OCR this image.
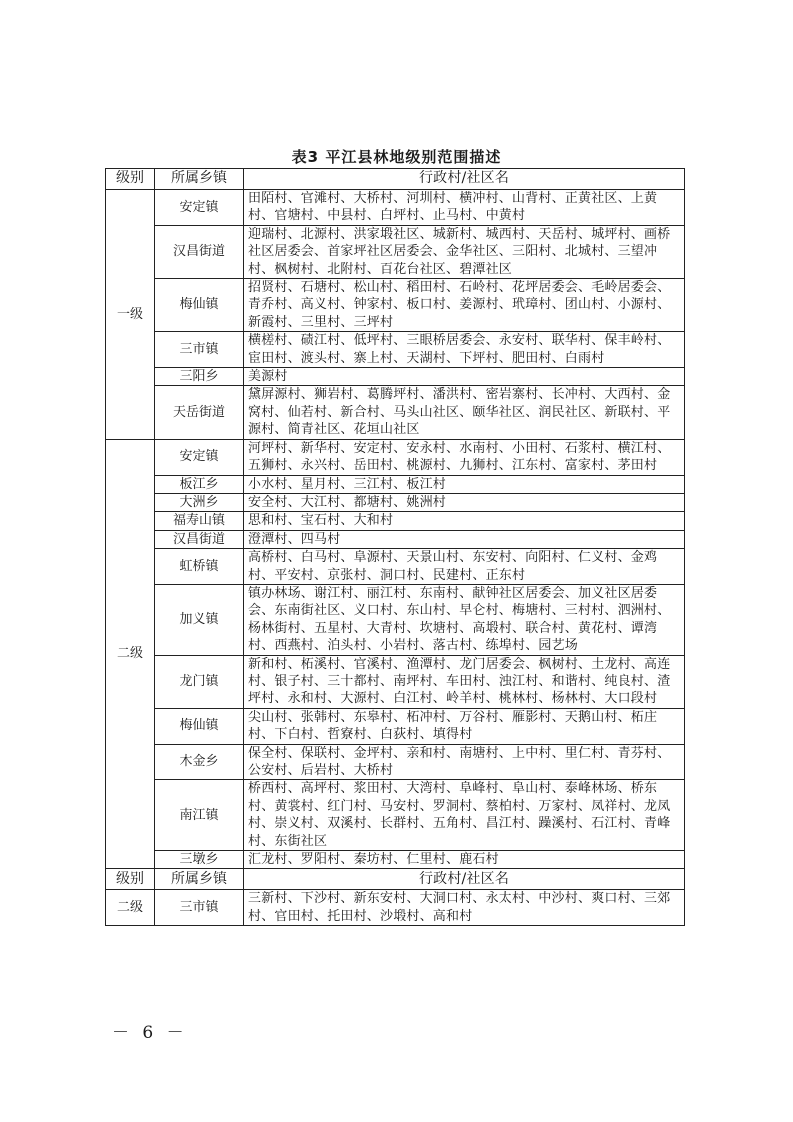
表3 平江县林地级别范围描述
级别	所属乡镇	行政村/社区名
一级	安定镇	田陌村、官滩村、大桥村、河圳村、横冲村、山背村、正黄社区、上黄村、官塘村、中县村、白坪村、止马村、中黄村
	汉昌街道	迎瑞村、北源村、洪家塅社区、城新村、城西村、天岳村、城坪村、画桥社区居委会、首家坪社区居委会、金华社区、三阳村、北城村、三望冲村、枫树村、北附村、百花台社区、碧潭社区
	梅仙镇	招贤村、石塘村、松山村、稻田村、石岭村、花坪居委会、毛岭居委会、青乔村、高义村、钟家村、板口村、姜源村、玳璋村、团山村、小源村、新霞村、三里村、三坪村
	三市镇	横槎村、碛江村、低坪村、三眼桥居委会、永安村、联华村、保丰岭村、宦田村、渡头村、寨上村、天湖村、下坪村、肥田村、白雨村
	三阳乡	美源村
	天岳街道	黛屏源村、狮岩村、葛腾坪村、潘洪村、密岩寨村、长冲村、大西村、金窝村、仙若村、新合村、马头山社区、颐华社区、润民社区、新联村、平源村、简青社区、花垣山社区
二级	安定镇	河坪村、新华村、安定村、安永村、水南村、小田村、石浆村、横江村、五狮村、永兴村、岳田村、桃源村、九狮村、江东村、富家村、茅田村
	板江乡	小水村、星月村、三江村、板江村
	大洲乡	安全村、大江村、都塘村、姚洲村
	福寿山镇	思和村、宝石村、大和村
	汉昌街道	澄潭村、四马村
	虹桥镇	高桥村、白马村、阜源村、天景山村、东安村、向阳村、仁义村、金鸡村、平安村、京张村、洞口村、民建村、正东村
	加义镇	镇办林场、谢江村、丽江村、东南村、献钟社区居委会、加义社区居委会、东南街社区、义口村、东山村、早仑村、梅塘村、三村村、泗洲村、杨林街村、五星村、大青村、坎塘村、高塅村、联合村、黄花村、谭湾村、西燕村、泊头村、小岩村、落古村、练埠村、园艺场
	龙门镇	新和村、柘溪村、官溪村、渔潭村、龙门居委会、枫树村、土龙村、高连村、银子村、三十都村、南坪村、车田村、浊江村、和谐村、纯良村、渣坪村、永和村、大源村、白江村、岭羊村、桃林村、杨林村、大口段村
	梅仙镇	尖山村、张韩村、东皋村、柘冲村、万谷村、雁影村、天鹅山村、柘庄村、下白村、哲寮村、白荻村、填得村
	木金乡	保全村、保联村、金坪村、亲和村、南塘村、上中村、里仁村、青芬村、公安村、后岩村、大桥村
	南江镇	桥西村、高坪村、浆田村、大湾村、阜峰村、阜山村、泰峰林场、桥东村、黄裳村、红门村、马安村、罗洞村、蔡柏村、万家村、凤祥村、龙凤村、崇义村、双溪村、长群村、五角村、昌江村、躁溪村、石江村、青峰村、东街社区
	三墩乡	汇龙村、罗阳村、秦坊村、仁里村、鹿石村
级别	所属乡镇	行政村/社区名
二级	三市镇	三新村、下沙村、新东安村、大洞口村、永太村、中沙村、爽口村、三郊村、官田村、托田村、沙塅村、高和村
－ 6 －
